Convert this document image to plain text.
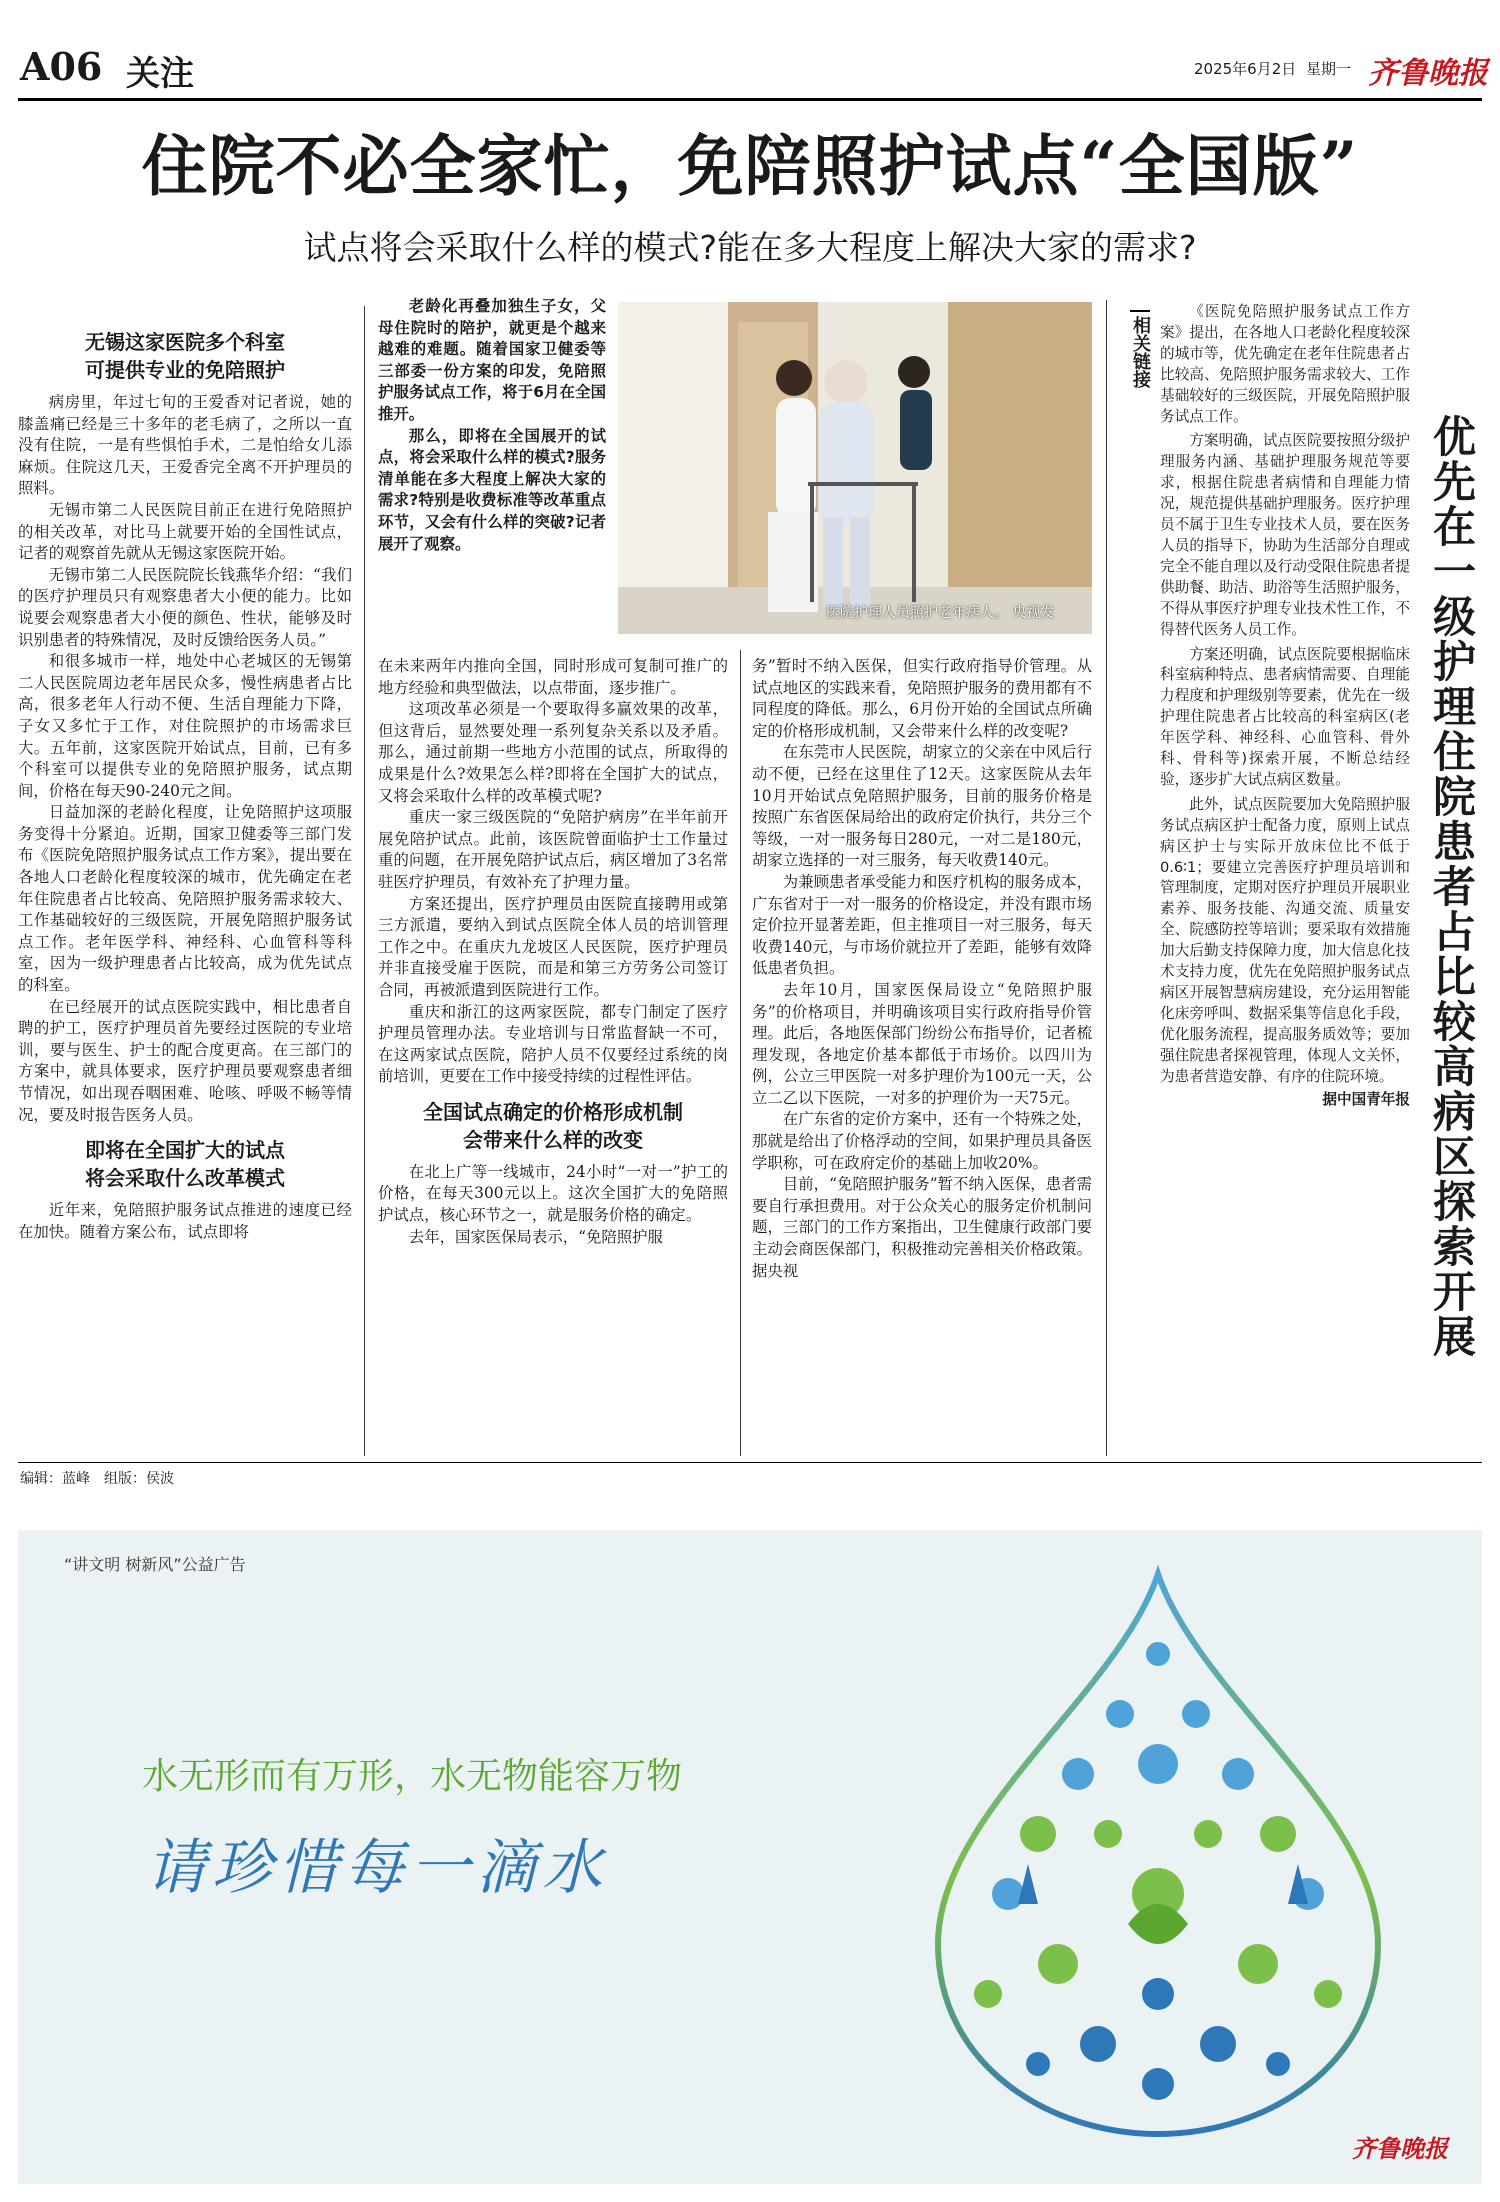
A06 关注	2025年6月2日 星期一 齐鲁晚报
住院不必全家忙，免陪照护试点“全国版”
试点将会采取什么样的模式?能在多大程度上解决大家的需求?
无锡这家医院多个科室
可提供专业的免陪照护

病房里，年过七旬的王爱香对记者说，她的膝盖痛已经是三十多年的老毛病了，之所以一直没有住院，一是有些惧怕手术，二是怕给女儿添麻烦。住院这几天，王爱香完全离不开护理员的照料。

无锡市第二人民医院目前正在进行免陪照护的相关改革，对比马上就要开始的全国性试点，记者的观察首先就从无锡这家医院开始。

无锡市第二人民医院院长钱燕华介绍：“我们的医疗护理员只有观察患者大小便的能力。比如说要会观察患者大小便的颜色、性状，能够及时识别患者的特殊情况，及时反馈给医务人员。”

和很多城市一样，地处中心老城区的无锡第二人民医院周边老年居民众多，慢性病患者占比高，很多老年人行动不便、生活自理能力下降，子女又多忙于工作，对住院照护的市场需求巨大。五年前，这家医院开始试点，目前，已有多个科室可以提供专业的免陪照护服务，试点期间，价格在每天90-240元之间。

日益加深的老龄化程度，让免陪照护这项服务变得十分紧迫。近期，国家卫健委等三部门发布《医院免陪照护服务试点工作方案》，提出要在各地人口老龄化程度较深的城市，优先确定在老年住院患者占比较高、免陪照护服务需求较大、工作基础较好的三级医院，开展免陪照护服务试点工作。老年医学科、神经科、心血管科等科室，因为一级护理患者占比较高，成为优先试点的科室。

在已经展开的试点医院实践中，相比患者自聘的护工，医疗护理员首先要经过医院的专业培训，要与医生、护士的配合度更高。在三部门的方案中，就具体要求，医疗护理员要观察患者细节情况，如出现吞咽困难、呛咳、呼吸不畅等情况，要及时报告医务人员。

即将在全国扩大的试点
将会采取什么改革模式

近年来，免陪照护服务试点推进的速度已经在加快。随着方案公布，试点即将

老龄化再叠加独生子女，父母住院时的陪护，就更是个越来越难的难题。随着国家卫健委等三部委一份方案的印发，免陪照护服务试点工作，将于6月在全国推开。

那么，即将在全国展开的试点，将会采取什么样的模式?服务清单能在多大程度上解决大家的需求?特别是收费标准等改革重点环节，又会有什么样的突破?记者展开了观察。

在未来两年内推向全国，同时形成可复制可推广的地方经验和典型做法，以点带面，逐步推广。

这项改革必须是一个要取得多赢效果的改革，但这背后，显然要处理一系列复杂关系以及矛盾。那么，通过前期一些地方小范围的试点，所取得的成果是什么?效果怎么样?即将在全国扩大的试点，又将会采取什么样的改革模式呢?

重庆一家三级医院的“免陪护病房”在半年前开展免陪护试点。此前，该医院曾面临护士工作量过重的问题，在开展免陪护试点后，病区增加了3名常驻医疗护理员，有效补充了护理力量。

方案还提出，医疗护理员由医院直接聘用或第三方派遣，要纳入到试点医院全体人员的培训管理工作之中。在重庆九龙坡区人民医院，医疗护理员并非直接受雇于医院，而是和第三方劳务公司签订合同，再被派遣到医院进行工作。

重庆和浙江的这两家医院，都专门制定了医疗护理员管理办法。专业培训与日常监督缺一不可，在这两家试点医院，陪护人员不仅要经过系统的岗前培训，更要在工作中接受持续的过程性评估。

全国试点确定的价格形成机制
会带来什么样的改变

在北上广等一线城市，24小时“一对一”护工的价格，在每天300元以上。这次全国扩大的免陪照护试点，核心环节之一，就是服务价格的确定。

去年，国家医保局表示，“免陪照护服

医院护理人员照护老年病人。 央视发

务”暂时不纳入医保，但实行政府指导价管理。从试点地区的实践来看，免陪照护服务的费用都有不同程度的降低。那么，6月份开始的全国试点所确定的价格形成机制，又会带来什么样的改变呢?

在东莞市人民医院，胡家立的父亲在中风后行动不便，已经在这里住了12天。这家医院从去年10月开始试点免陪照护服务，目前的服务价格是按照广东省医保局给出的政府定价执行，共分三个等级，一对一服务每日280元，一对二是180元，胡家立选择的一对三服务，每天收费140元。

为兼顾患者承受能力和医疗机构的服务成本，广东省对于一对一服务的价格设定，并没有跟市场定价拉开显著差距，但主推项目一对三服务，每天收费140元，与市场价就拉开了差距，能够有效降低患者负担。

去年10月，国家医保局设立“免陪照护服务”的价格项目，并明确该项目实行政府指导价管理。此后，各地医保部门纷纷公布指导价，记者梳理发现，各地定价基本都低于市场价。以四川为例，公立三甲医院一对多护理价为100元一天，公立二乙以下医院，一对多的护理价为一天75元。

在广东省的定价方案中，还有一个特殊之处，那就是给出了价格浮动的空间，如果护理员具备医学职称，可在政府定价的基础上加收20%。

目前，“免陪照护服务”暂不纳入医保，患者需要自行承担费用。对于公众关心的服务定价机制问题，三部门的工作方案指出，卫生健康行政部门要主动会商医保部门，积极推动完善相关价格政策。据央视

相关链接

《医院免陪照护服务试点工作方案》提出，在各地人口老龄化程度较深的城市等，优先确定在老年住院患者占比较高、免陪照护服务需求较大、工作基础较好的三级医院，开展免陪照护服务试点工作。

方案明确，试点医院要按照分级护理服务内涵、基础护理服务规范等要求，根据住院患者病情和自理能力情况，规范提供基础护理服务。医疗护理员不属于卫生专业技术人员，要在医务人员的指导下，协助为生活部分自理或完全不能自理以及行动受限住院患者提供助餐、助洁、助浴等生活照护服务，不得从事医疗护理专业技术性工作，不得替代医务人员工作。

方案还明确，试点医院要根据临床科室病种特点、患者病情需要、自理能力程度和护理级别等要素，优先在一级护理住院患者占比较高的科室病区(老年医学科、神经科、心血管科、骨外科、骨科等)探索开展，不断总结经验，逐步扩大试点病区数量。

此外，试点医院要加大免陪照护服务试点病区护士配备力度，原则上试点病区护士与实际开放床位比不低于0.6∶1；要建立完善医疗护理员培训和管理制度，定期对医疗护理员开展职业素养、服务技能、沟通交流、质量安全、院感防控等培训；要采取有效措施加大后勤支持保障力度，加大信息化技术支持力度，优先在免陪照护服务试点病区开展智慧病房建设，充分运用智能化床旁呼叫、数据采集等信息化手段，优化服务流程，提高服务质效等；要加强住院患者探视管理，体现人文关怀，为患者营造安静、有序的住院环境。

据中国青年报 优先在一级护理住院患者占比较高病区探索开展
编辑：蓝峰　组版：侯波
“讲文明 树新风”公益广告
水无形而有万形，水无物能容万物
请珍惜每一滴水
齐鲁晚报
